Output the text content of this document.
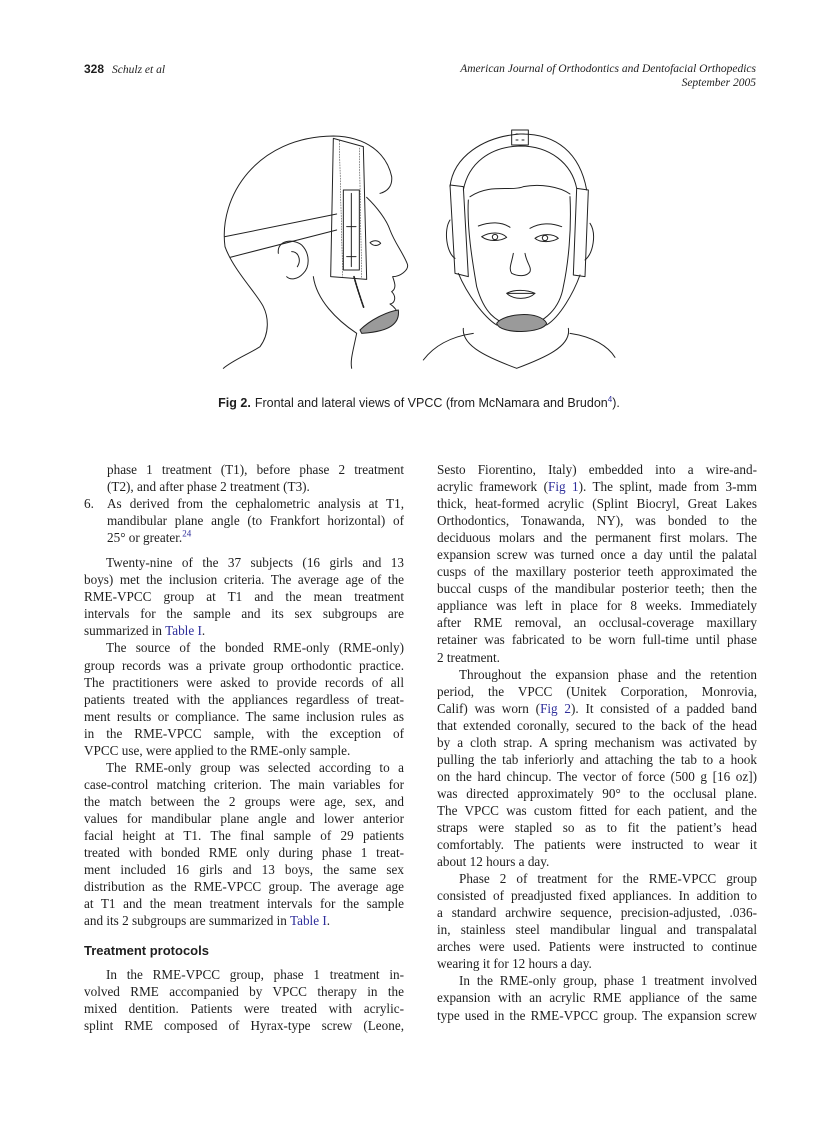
328 Schulz et al	American Journal of Orthodontics and Dentofacial Orthopedics
September 2005
Fig 2. Frontal and lateral views of VPCC (from McNamara and Brudon$^4$).
phase 1 treatment (T1), before phase 2 treatment
(T2), and after phase 2 treatment (T3).
6. As derived from the cephalometric analysis at T1,
mandibular plane angle (to Frankfort horizontal) of
25° or greater.$^{24}$
Twenty-nine of the 37 subjects (16 girls and 13
boys) met the inclusion criteria. The average age of the
RME-VPCC group at T1 and the mean treatment
intervals for the sample and its sex subgroups are
summarized in Table I.
The source of the bonded RME-only (RME-only)
group records was a private group orthodontic practice.
The practitioners were asked to provide records of all
patients treated with the appliances regardless of treat-
ment results or compliance. The same inclusion rules as
in the RME-VPCC sample, with the exception of
VPCC use, were applied to the RME-only sample.
The RME-only group was selected according to a
case-control matching criterion. The main variables for
the match between the 2 groups were age, sex, and
values for mandibular plane angle and lower anterior
facial height at T1. The final sample of 29 patients
treated with bonded RME only during phase 1 treat-
ment included 16 girls and 13 boys, the same sex
distribution as the RME-VPCC group. The average age
at T1 and the mean treatment intervals for the sample
and its 2 subgroups are summarized in Table I.
Treatment protocols
In the RME-VPCC group, phase 1 treatment in-
volved RME accompanied by VPCC therapy in the
mixed dentition. Patients were treated with acrylic-
splint RME composed of Hyrax-type screw (Leone,
Sesto Fiorentino, Italy) embedded into a wire-and-
acrylic framework (Fig 1). The splint, made from 3-mm
thick, heat-formed acrylic (Splint Biocryl, Great Lakes
Orthodontics, Tonawanda, NY), was bonded to the
deciduous molars and the permanent first molars. The
expansion screw was turned once a day until the palatal
cusps of the maxillary posterior teeth approximated the
buccal cusps of the mandibular posterior teeth; then the
appliance was left in place for 8 weeks. Immediately
after RME removal, an occlusal-coverage maxillary
retainer was fabricated to be worn full-time until phase
2 treatment.
Throughout the expansion phase and the retention
period, the VPCC (Unitek Corporation, Monrovia,
Calif) was worn (Fig 2). It consisted of a padded band
that extended coronally, secured to the back of the head
by a cloth strap. A spring mechanism was activated by
pulling the tab inferiorly and attaching the tab to a hook
on the hard chincup. The vector of force (500 g [16 oz])
was directed approximately 90° to the occlusal plane.
The VPCC was custom fitted for each patient, and the
straps were stapled so as to fit the patient’s head
comfortably. The patients were instructed to wear it
about 12 hours a day.
Phase 2 of treatment for the RME-VPCC group
consisted of preadjusted fixed appliances. In addition to
a standard archwire sequence, precision-adjusted, .036-
in, stainless steel mandibular lingual and transpalatal
arches were used. Patients were instructed to continue
wearing it for 12 hours a day.
In the RME-only group, phase 1 treatment involved
expansion with an acrylic RME appliance of the same
type used in the RME-VPCC group. The expansion screw
